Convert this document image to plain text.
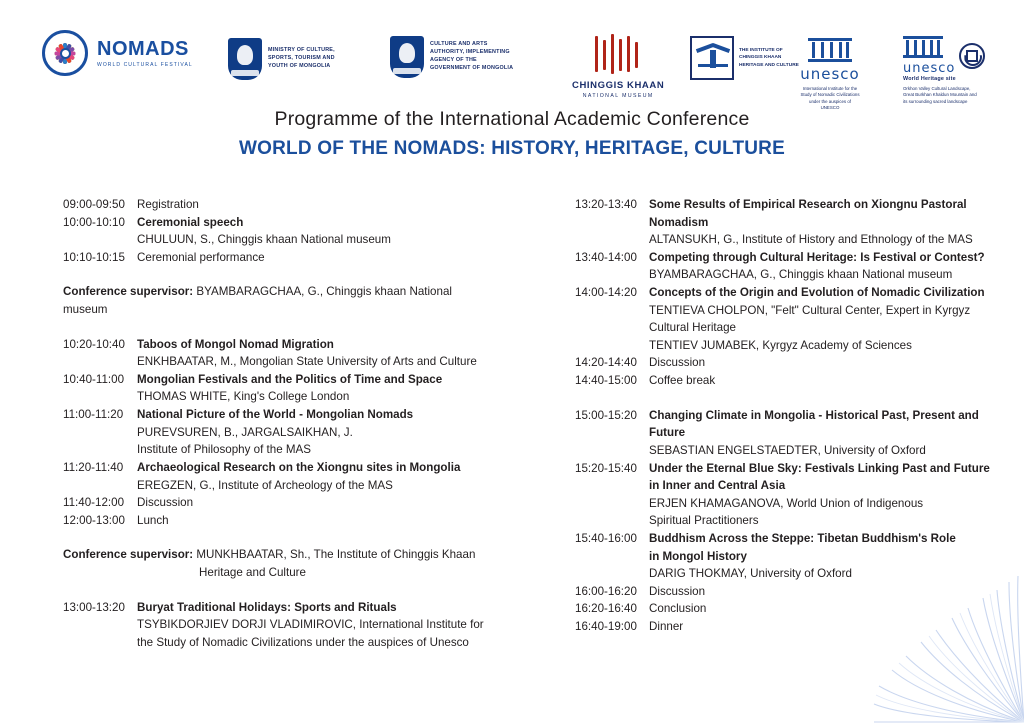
NOMADS
WORLD CULTURAL FESTIVAL
MINISTRY OF CULTURE, SPORTS, TOURISM AND YOUTH OF MONGOLIA
CULTURE AND ARTS AUTHORITY, IMPLEMENTING AGENCY OF THE GOVERNMENT OF MONGOLIA
CHINGGIS KHAAN
NATIONAL MUSEUM
THE INSTITUTE OF CHINGGIS KHAAN HERITAGE AND CULTURE unesco
International Institute for the Study of Nomadic Civilizations under the auspices of UNESCO
unesco
World Heritage site
Orkhon Valley Cultural Landscape, Great Burkhan Khaldun Mountain and its surrounding sacred landscape
Programme of the International Academic Conference
WORLD OF THE NOMADS: HISTORY, HERITAGE, CULTURE
09:00-09:50	Registration
10:00-10:10	Ceremonial speech
CHULUUN, S., Chinggis khaan National museum
10:10-10:15	Ceremonial performance
Conference supervisor: BYAMBARAGCHAA, G., Chinggis khaan National museum
10:20-10:40	Taboos of Mongol Nomad Migration
ENKHBAATAR, M., Mongolian State University of Arts and Culture
10:40-11:00	Mongolian Festivals and the Politics of Time and Space
THOMAS WHITE, King's College London
11:00-11:20	National Picture of the World - Mongolian Nomads
PUREVSUREN, B., JARGALSAIKHAN, J.
Institute of Philosophy of the MAS
11:20-11:40	Archaeological Research on the Xiongnu sites in Mongolia
EREGZEN, G., Institute of Archeology of the MAS
11:40-12:00	Discussion
12:00-13:00	Lunch
Conference supervisor: MUNKHBAATAR, Sh., The Institute of Chinggis Khaan
Heritage and Culture
13:00-13:20	Buryat Traditional Holidays: Sports and Rituals
TSYBIKDORJIEV DORJI VLADIMIROVIC, International Institute for
the Study of Nomadic Civilizations under the auspices of Unesco
13:20-13:40	Some Results of Empirical Research on Xiongnu Pastoral Nomadism
ALTANSUKH, G., Institute of History and Ethnology of the MAS
13:40-14:00	Competing through Cultural Heritage: Is Festival or Contest?
BYAMBARAGCHAA, G., Chinggis khaan National museum
14:00-14:20	Concepts of the Origin and Evolution of Nomadic Civilization
TENTIEVA CHOLPON, "Felt" Cultural Center, Expert in Kyrgyz
Cultural Heritage
TENTIEV JUMABEK, Kyrgyz Academy of Sciences
14:20-14:40	Discussion
14:40-15:00	Coffee break
15:00-15:20	Changing Climate in Mongolia - Historical Past, Present and Future
SEBASTIAN ENGELSTAEDTER, University of Oxford
15:20-15:40	Under the Eternal Blue Sky: Festivals Linking Past and Future
in Inner and Central Asia
ERJEN KHAMAGANOVA, World Union of Indigenous
Spiritual Practitioners
15:40-16:00	Buddhism Across the Steppe: Tibetan Buddhism's Role
in Mongol History
DARIG THOKMAY, University of Oxford
16:00-16:20	Discussion
16:20-16:40	Conclusion
16:40-19:00	Dinner
